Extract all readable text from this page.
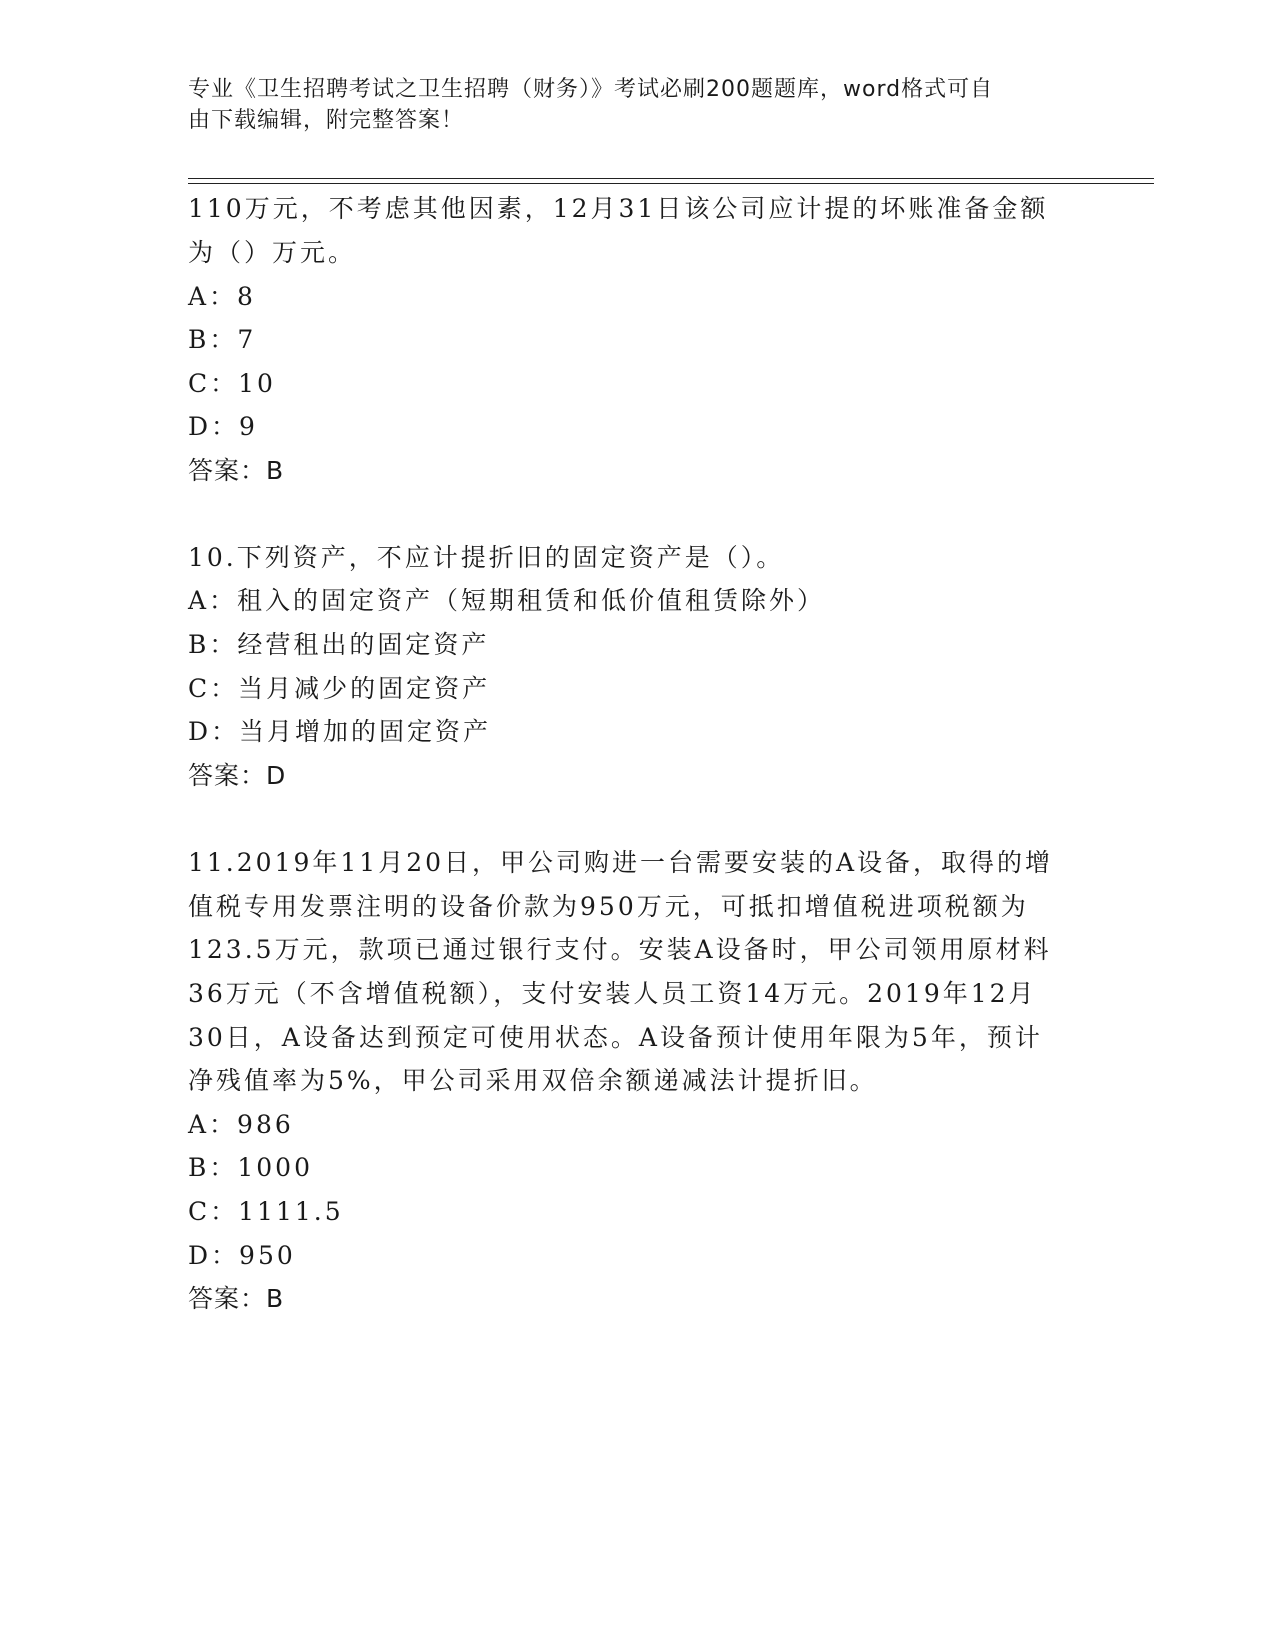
专业《卫生招聘考试之卫生招聘（财务）》考试必刷200题题库，word格式可自
由下载编辑，附完整答案！
110万元，不考虑其他因素，12月31日该公司应计提的坏账准备金额
为（）万元。
A：8
B：7
C：10
D：9
答案：B
10.下列资产，不应计提折旧的固定资产是（）。
A：租入的固定资产（短期租赁和低价值租赁除外）
B：经营租出的固定资产
C：当月减少的固定资产
D：当月增加的固定资产
答案：D
11.2019年11月20日，甲公司购进一台需要安装的A设备，取得的增
值税专用发票注明的设备价款为950万元，可抵扣增值税进项税额为
123.5万元，款项已通过银行支付。安装A设备时，甲公司领用原材料
36万元（不含增值税额），支付安装人员工资14万元。2019年12月
30日，A设备达到预定可使用状态。A设备预计使用年限为5年，预计
净残值率为5%，甲公司采用双倍余额递减法计提折旧。
A：986
B：1000
C：1111.5
D：950
答案：B
